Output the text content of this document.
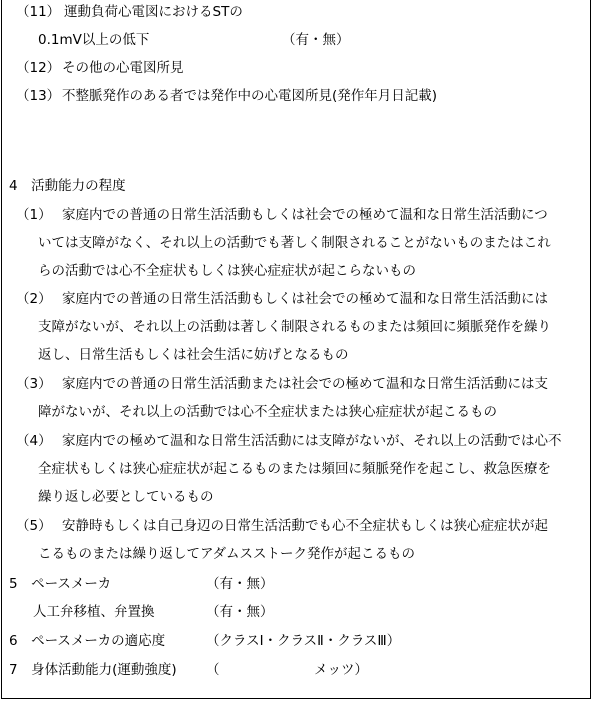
（11） 運動負荷心電図におけるSTの
0.1mV以上の低下	（有・無）
（12） その他の心電図所見
（13） 不整脈発作のある者では発作中の心電図所見(発作年月日記載)
4　活動能力の程度
（1） 家庭内での普通の日常生活活動もしくは社会での極めて温和な日常生活活動につ
いては支障がなく、それ以上の活動でも著しく制限されることがないものまたはこれ
らの活動では心不全症状もしくは狭心症症状が起こらないもの
（2） 家庭内での普通の日常生活活動もしくは社会での極めて温和な日常生活活動には
支障がないが、それ以上の活動は著しく制限されるものまたは頻回に頻脈発作を繰り
返し、日常生活もしくは社会生活に妨げとなるもの
（3） 家庭内での普通の日常生活活動または社会での極めて温和な日常生活活動には支
障がないが、それ以上の活動では心不全症状または狭心症症状が起こるもの
（4） 家庭内での極めて温和な日常生活活動には支障がないが、それ以上の活動では心不
全症状もしくは狭心症症状が起こるものまたは頻回に頻脈発作を起こし、救急医療を
繰り返し必要としているもの
（5） 安静時もしくは自己身辺の日常生活活動でも心不全症状もしくは狭心症症状が起
こるものまたは繰り返してアダムスストーク発作が起こるもの
5　ペースメーカ	（有・無）
人工弁移植、弁置換	（有・無）
6　ペースメーカの適応度	（クラスⅠ・クラスⅡ・クラスⅢ）
7　身体活動能力(運動強度) （	メッツ）
